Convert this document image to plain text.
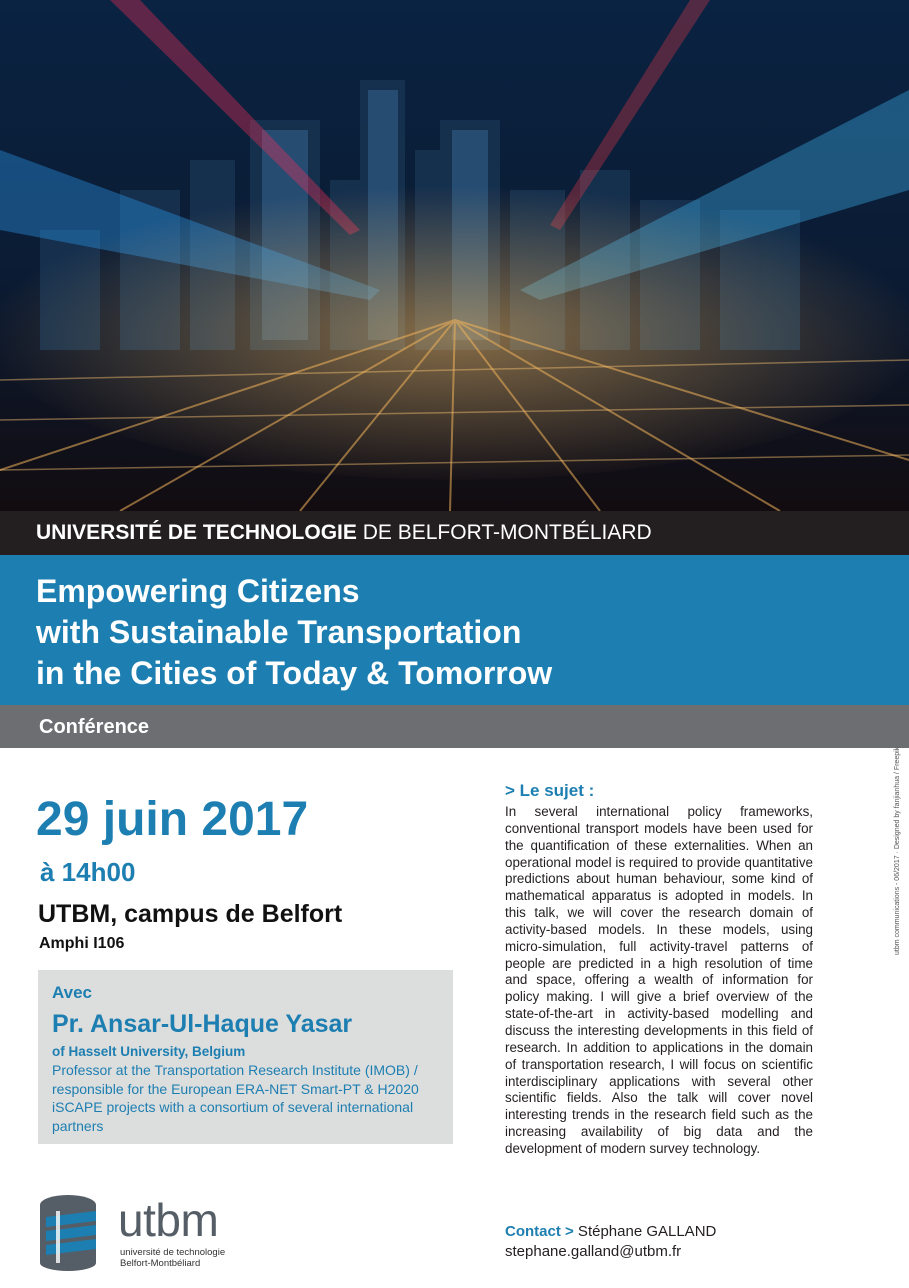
UNIVERSITÉ DE TECHNOLOGIE DE BELFORT-MONTBÉLIARD
Empowering Citizens
with Sustainable Transportation
in the Cities of Today & Tomorrow
Conférence
29 juin 2017
à 14h00
UTBM, campus de Belfort
Amphi I106
Avec
Pr. Ansar-Ul-Haque Yasar
of Hasselt University, Belgium
Professor at the Transportation Research Institute (IMOB) / responsible for the European ERA-NET Smart-PT & H2020 iSCAPE projects with a consortium of several international partners
utbm
université de technologie
Belfort-Montbéliard
> Le sujet :

In several international policy frameworks, conventional transport models have been used for the quantification of these externalities. When an operational model is required to provide quantitative predictions about human behaviour, some kind of mathematical apparatus is adopted in models. In this talk, we will cover the research domain of activity-based models. In these models, using micro-simulation, full activity-travel patterns of people are predicted in a high resolution of time and space, offering a wealth of information for policy making. I will give a brief overview of the state-of-the-art in activity-based modelling and discuss the interesting developments in this field of research. In addition to applications in the domain of transportation research, I will focus on scientific interdisciplinary applications with several other scientific fields. Also the talk will cover novel interesting trends in the research field such as the increasing availability of big data and the development of modern survey technology.

Contact > Stéphane GALLAND
stephane.galland@utbm.fr
utbm communications - 06/2017 · Designed by fanjianhua / Freepik
